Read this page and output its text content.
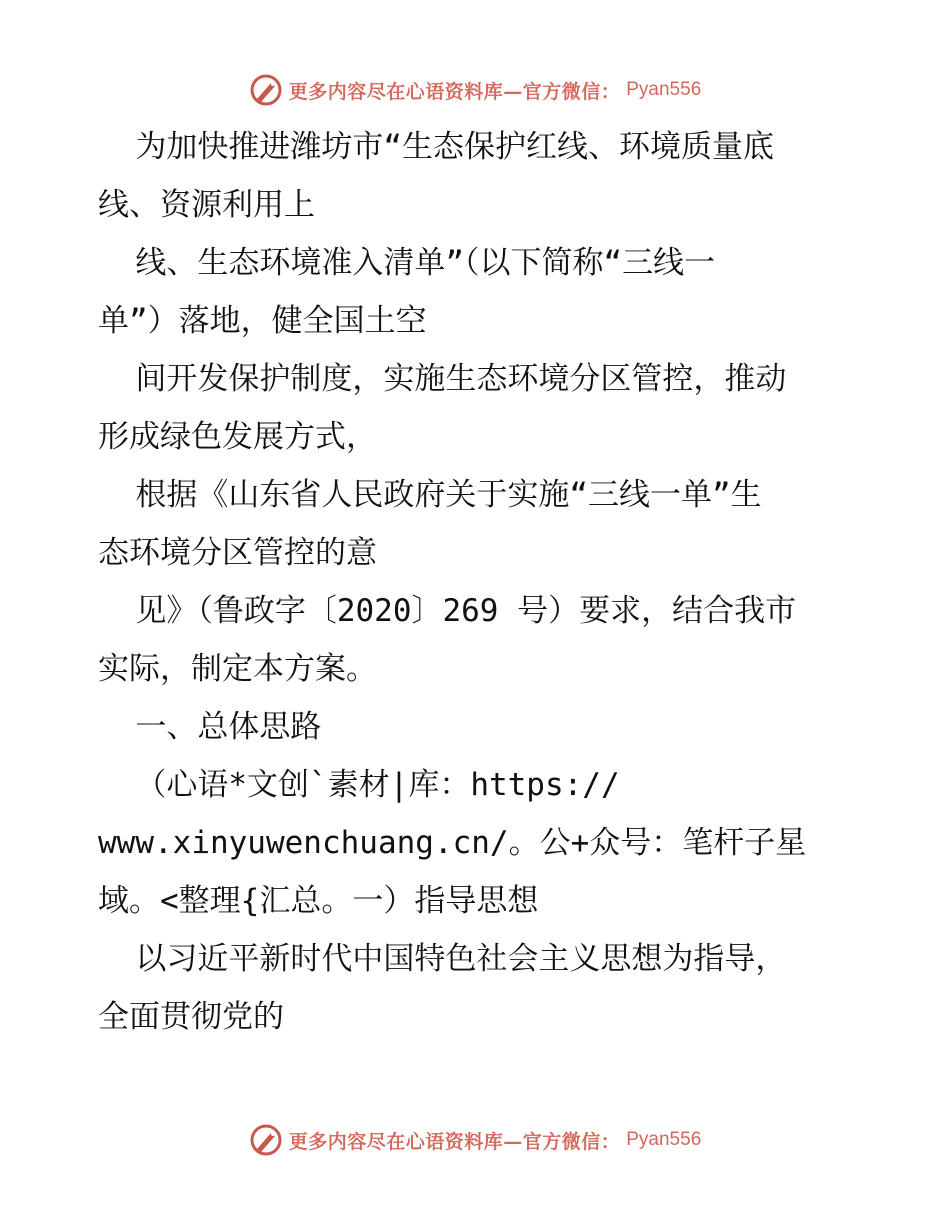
更多内容尽在心语资料库—官方微信： Pyan556
为加快推进潍坊市“生态保护红线、环境质量底
线、资源利用上
线、生态环境准入清单”（以下简称“三线一
单”）落地，健全国土空
间开发保护制度，实施生态环境分区管控，推动
形成绿色发展方式，
根据《山东省人民政府关于实施“三线一单”生
态环境分区管控的意
见》（鲁政字〔2020〕269 号）要求，结合我市
实际，制定本方案。
一、总体思路
（心语*文创`素材|库：https://
www.xinyuwenchuang.cn/。公+众号：笔杆子星
域。<整理{汇总。一）指导思想
以习近平新时代中国特色社会主义思想为指导，
全面贯彻党的
更多内容尽在心语资料库—官方微信： Pyan556
